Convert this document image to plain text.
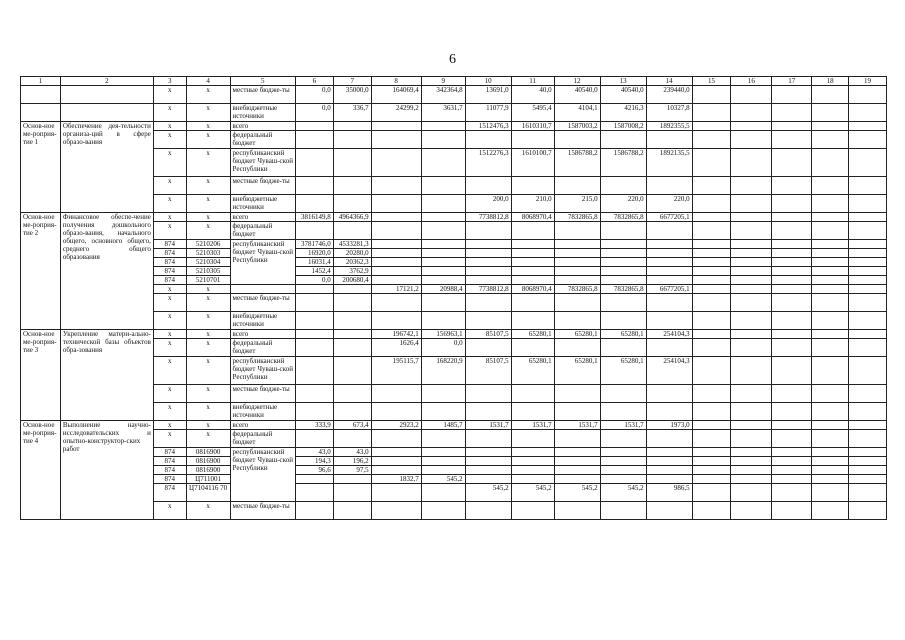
6
1	2	3	4	5	6	7	8	9	10	11	12	13	14	15	16	17	18	19
		x	x	местные бюдже-ты	0,0	35000,0	164069,4	342364,8	13691,0	40,0	40540,0	40540,0	239440,0					
		x	x	внебюджетные источники	0,0	336,7	24299,2	3631,7	11077,9	5495,4	4104,1	4216,3	10327,8					
Основ-ное ме-роприя-тие 1	Обеспечение дея-тельности организа-ций в сфере образо-вания	x	x	всего					1512476,3	1610310,7	1587003,2	1587008,2	1892355,5					
		x	x	федеральный бюджет														
		x	x	республиканский бюджет Чуваш-ской Республики					1512276,3	1610100,7	1586788,2	1586788,2	1892135,5					
		x	x	местные бюдже-ты														
		x	x	внебюджетные источники					200,0	210,0	215,0	220,0	220,0					
Основ-ное ме-роприя-тие 2	Финансовое обеспе-чение получения дошкольного образо-вания, начального общего, основного общего, среднего общего образования	x	x	всего	3816149,8	4964366,9			7738812,8	8068970,4	7832865,8	7832865,8	6677205,1					
		x	x	федеральный бюджет														
		874	5210206	республиканский бюджет Чуваш-ской Республики	3781746,0	4533281,3												
		874	5210303		16920,0	20280,0												
		874	5210304		16031,4	20362,3												
		874	5210305		1452,4	3762,9												
		874	5210701		0,0	200680,4												
		x	x				17121,2	20988,4	7738812,8	8068970,4	7832865,8	7832865,8	6677205,1					
		x	x	местные бюдже-ты														
		x	x	внебюджетные источники														
Основ-ное ме-роприя-тие 3	Укрепление матери-ально-технической базы объектов обра-зования	x	x	всего			196742,1	156963,1	85107,5	65280,1	65280,1	65280,1	254104,3					
		x	x	федеральный бюджет			1626,4	0,0										
		x	x	республиканский бюджет Чуваш-ской Республики			195115,7	168220,9	85107,5	65280,1	65280,1	65280,1	254104,3					
		x	x	местные бюдже-ты														
		x	x	внебюджетные источники														
Основ-ное ме-роприя-тие 4	Выполнение научно-исследовательских и опытно-конструктор-ских работ	x	x	всего	333,9	673,4	2923,2	1485,7	1531,7	1531,7	1531,7	1531,7	1973,0					
		x	x	федеральный бюджет														
		874	0816900	республиканский бюджет Чуваш-ской Республики	43,0	43,0												
		874	0816900		194,3	196,2												
		874	0816900		96,6	97,5												
		874	Ц711001				1832,7	545,2										
		874	Ц7104116 70						545,2	545,2	545,2	545,2	986,5					
		x	x	местные бюдже-ты														
